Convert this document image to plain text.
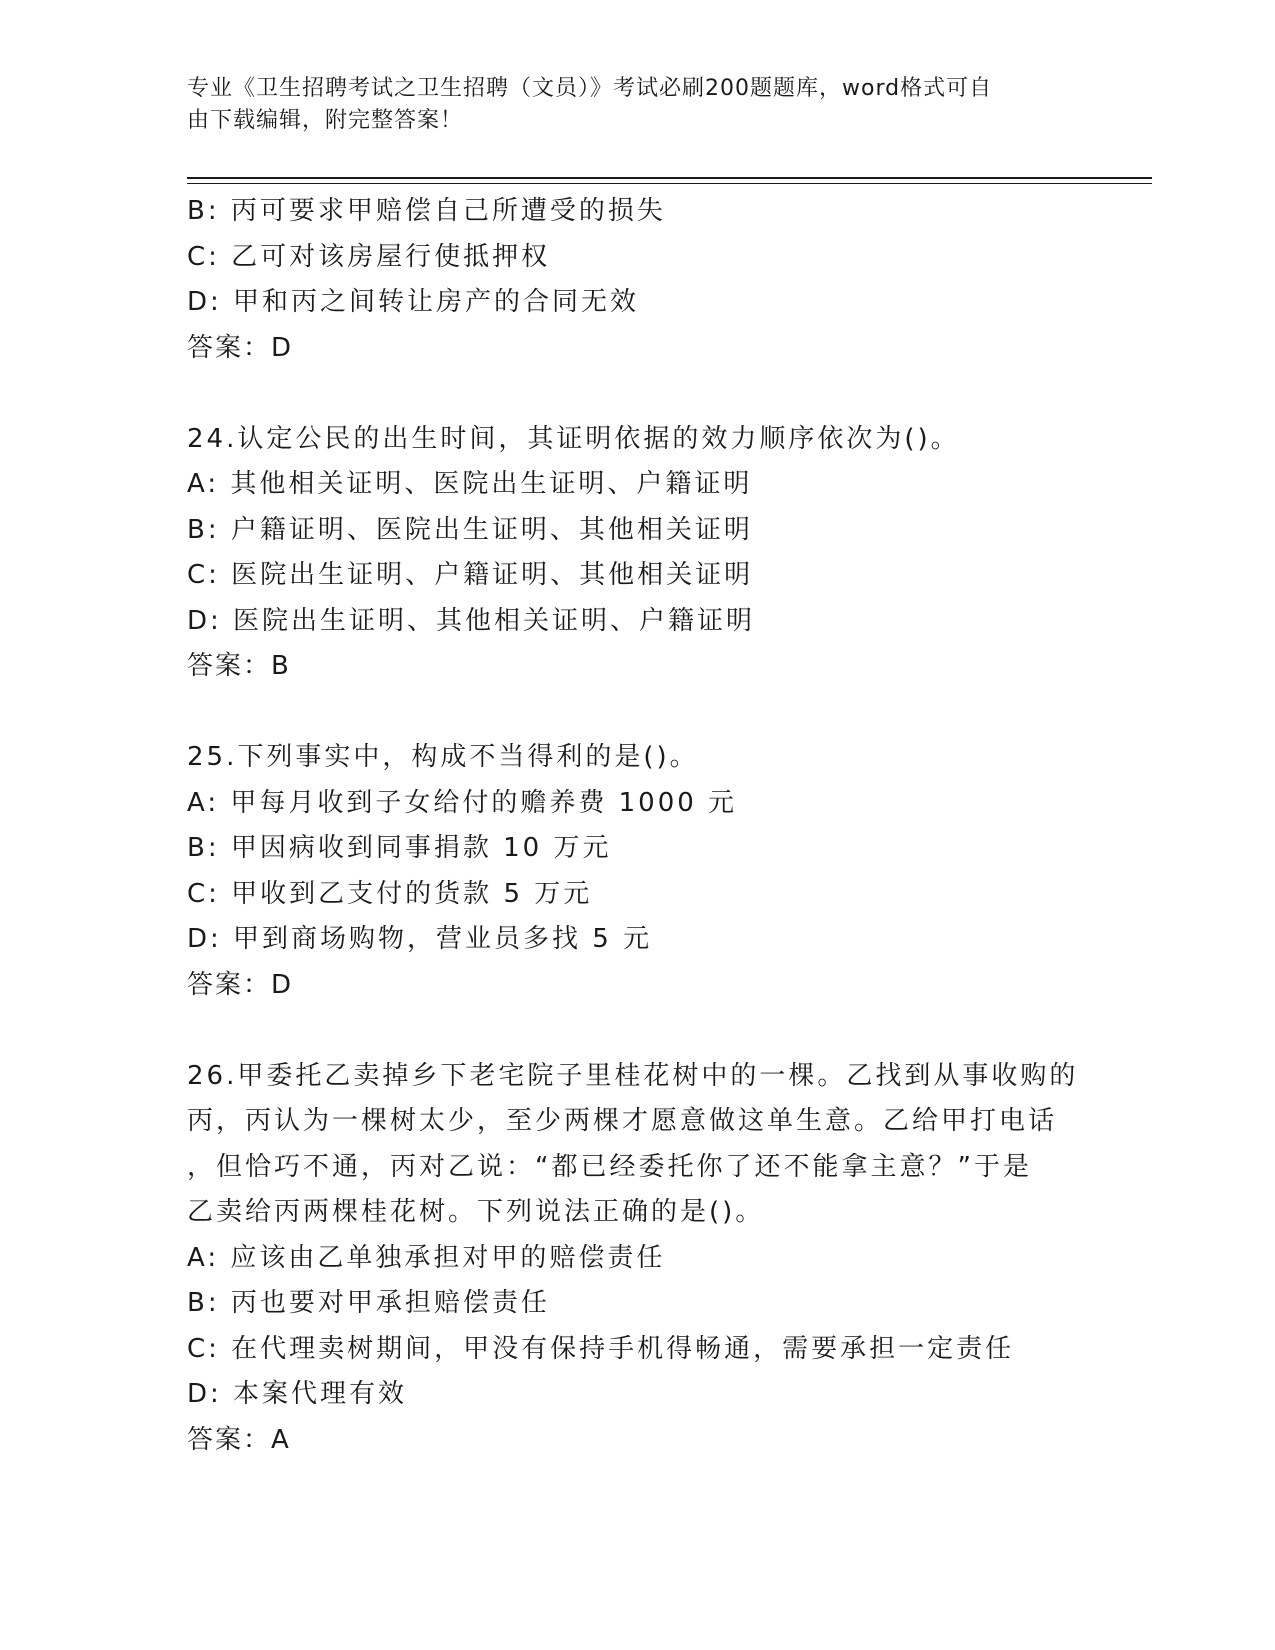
专业《卫生招聘考试之卫生招聘（文员）》考试必刷200题题库，word格式可自
由下载编辑，附完整答案！
B: 丙可要求甲赔偿自己所遭受的损失
C: 乙可对该房屋行使抵押权
D: 甲和丙之间转让房产的合同无效
答案：D
24.认定公民的出生时间，其证明依据的效力顺序依次为()。
A: 其他相关证明、医院出生证明、户籍证明
B: 户籍证明、医院出生证明、其他相关证明
C: 医院出生证明、户籍证明、其他相关证明
D: 医院出生证明、其他相关证明、户籍证明
答案：B
25.下列事实中，构成不当得利的是()。
A: 甲每月收到子女给付的赡养费 1000 元
B: 甲因病收到同事捐款 10 万元
C: 甲收到乙支付的货款 5 万元
D: 甲到商场购物，营业员多找 5 元
答案：D
26.甲委托乙卖掉乡下老宅院子里桂花树中的一棵。乙找到从事收购的
丙，丙认为一棵树太少，至少两棵才愿意做这单生意。乙给甲打电话
，但恰巧不通，丙对乙说：“都已经委托你了还不能拿主意？”于是
乙卖给丙两棵桂花树。下列说法正确的是()。
A: 应该由乙单独承担对甲的赔偿责任
B: 丙也要对甲承担赔偿责任
C: 在代理卖树期间，甲没有保持手机得畅通，需要承担一定责任
D: 本案代理有效
答案：A
